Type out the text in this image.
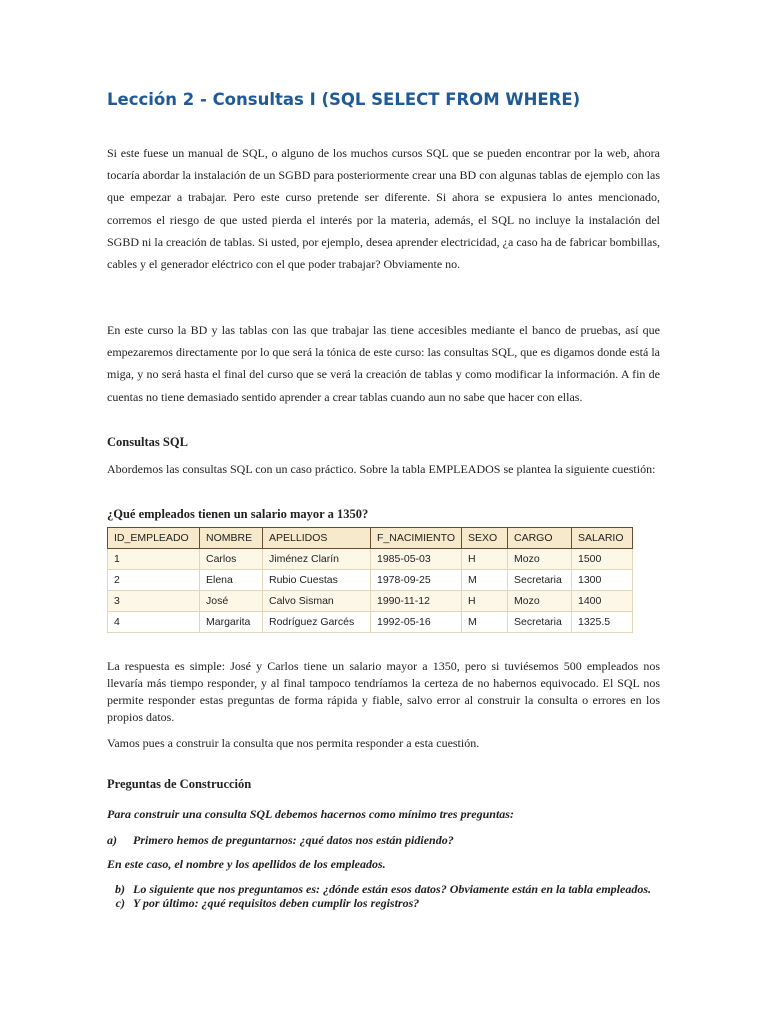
Lección 2 - Consultas I (SQL SELECT FROM WHERE)

Si este fuese un manual de SQL, o alguno de los muchos cursos SQL que se pueden encontrar por la web, ahora tocaría abordar la instalación de un SGBD para posteriormente crear una BD con algunas tablas de ejemplo con las que empezar a trabajar. Pero este curso pretende ser diferente. Si ahora se expusiera lo antes mencionado, corremos el riesgo de que usted pierda el interés por la materia, además, el SQL no incluye la instalación del SGBD ni la creación de tablas. Si usted, por ejemplo, desea aprender electricidad, ¿a caso ha de fabricar bombillas, cables y el generador eléctrico con el que poder trabajar? Obviamente no.

En este curso la BD y las tablas con las que trabajar las tiene accesibles mediante el banco de pruebas, así que empezaremos directamente por lo que será la tónica de este curso: las consultas SQL, que es digamos donde está la miga, y no será hasta el final del curso que se verá la creación de tablas y como modificar la información. A fin de cuentas no tiene demasiado sentido aprender a crear tablas cuando aun no sabe que hacer con ellas.

Consultas SQL

Abordemos las consultas SQL con un caso práctico. Sobre la tabla EMPLEADOS se plantea la siguiente cuestión:

¿Qué empleados tienen un salario mayor a 1350?

ID_EMPLEADO	NOMBRE	APELLIDOS	F_NACIMIENTO	SEXO	CARGO	SALARIO
1	Carlos	Jiménez Clarín	1985-05-03	H	Mozo	1500
2	Elena	Rubio Cuestas	1978-09-25	M	Secretaria	1300
3	José	Calvo Sisman	1990-11-12	H	Mozo	1400
4	Margarita	Rodríguez Garcés	1992-05-16	M	Secretaria	1325.5

La respuesta es simple: José y Carlos tiene un salario mayor a 1350, pero si tuviésemos 500 empleados nos llevaría más tiempo responder, y al final tampoco tendríamos la certeza de no habernos equivocado. El SQL nos permite responder estas preguntas de forma rápida y fiable, salvo error al construir la consulta o errores en los propios datos.

Vamos pues a construir la consulta que nos permita responder a esta cuestión.

Preguntas de Construcción

Para construir una consulta SQL debemos hacernos como mínimo tres preguntas:

a) Primero hemos de preguntarnos: ¿qué datos nos están pidiendo?

En este caso, el nombre y los apellidos de los empleados.

b) Lo siguiente que nos preguntamos es: ¿dónde están esos datos? Obviamente están en la tabla empleados.
c) Y por último: ¿qué requisitos deben cumplir los registros?
